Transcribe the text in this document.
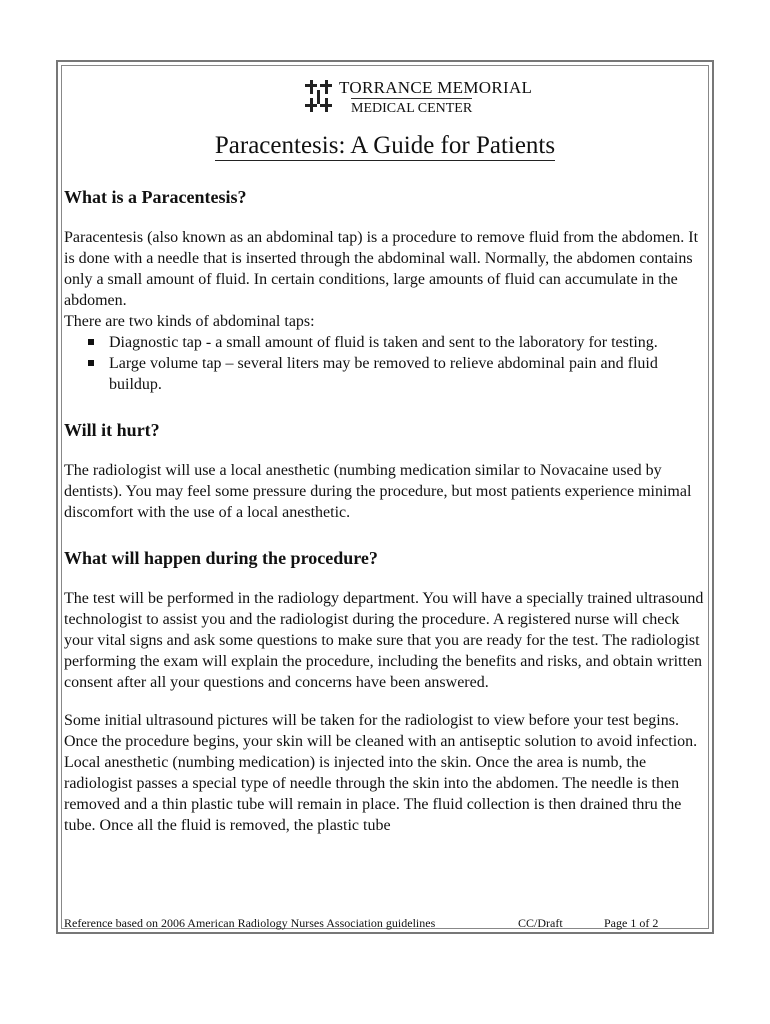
TORRANCE MEMORIAL
MEDICAL CENTER
Paracentesis: A Guide for Patients
What is a Paracentesis?

Paracentesis (also known as an abdominal tap) is a procedure to remove fluid from the abdomen. It is done with a needle that is inserted through the abdominal wall. Normally, the abdomen contains only a small amount of fluid. In certain conditions, large amounts of fluid can accumulate in the abdomen.

There are two kinds of abdominal taps:

Diagnostic tap - a small amount of fluid is taken and sent to the laboratory for testing.
Large volume tap – several liters may be removed to relieve abdominal pain and fluid buildup.
Will it hurt?

The radiologist will use a local anesthetic (numbing medication similar to Novacaine used by dentists). You may feel some pressure during the procedure, but most patients experience minimal discomfort with the use of a local anesthetic.

What will happen during the procedure?

The test will be performed in the radiology department. You will have a specially trained ultrasound technologist to assist you and the radiologist during the procedure. A registered nurse will check your vital signs and ask some questions to make sure that you are ready for the test. The radiologist performing the exam will explain the procedure, including the benefits and risks, and obtain written consent after all your questions and concerns have been answered.

Some initial ultrasound pictures will be taken for the radiologist to view before your test begins. Once the procedure begins, your skin will be cleaned with an antiseptic solution to avoid infection. Local anesthetic (numbing medication) is injected into the skin. Once the area is numb, the radiologist passes a special type of needle through the skin into the abdomen. The needle is then removed and a thin plastic tube will remain in place. The fluid collection is then drained thru the tube. Once all the fluid is removed, the plastic tube

Reference based on 2006 American Radiology Nurses Association guidelines	CC/Draft	Page 1 of 2
